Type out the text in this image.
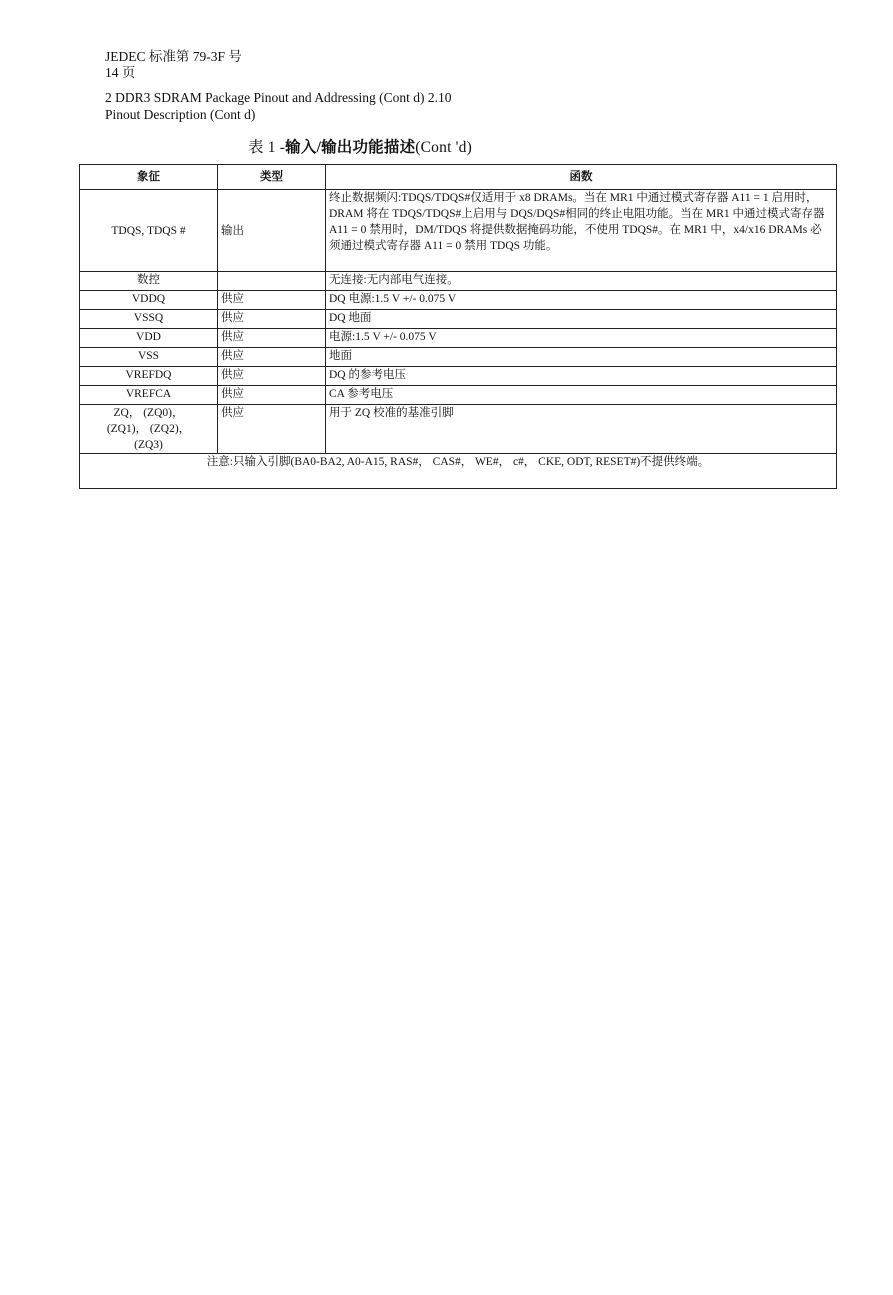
JEDEC 标准第 79-3F 号
14 页
2 DDR3 SDRAM Package Pinout and Addressing (Cont d) 2.10
Pinout Description (Cont d)
表 1 -输入/输出功能描述(Cont 'd)
象征	类型	函数
TDQS, TDQS #	输出	终止数据频闪:TDQS/TDQS#仅适用于 x8 DRAMs。当在 MR1 中通过模式寄存器 A11 = 1 启用时，DRAM 将在 TDQS/TDQS#上启用与 DQS/DQS#相同的终止电阻功能。当在 MR1 中通过模式寄存器 A11 = 0 禁用时，DM/TDQS 将提供数据掩码功能，不使用 TDQS#。在 MR1 中，x4/x16 DRAMs 必须通过模式寄存器 A11 = 0 禁用 TDQS 功能。
数控		无连接:无内部电气连接。
VDDQ	供应	DQ 电源:1.5 V +/- 0.075 V
VSSQ	供应	DQ 地面
VDD	供应	电源:1.5 V +/- 0.075 V
VSS	供应	地面
VREFDQ	供应	DQ 的参考电压
VREFCA	供应	CA 参考电压

ZQ， (ZQ0)，
(ZQ1)， (ZQ2)，
(ZQ3)	供应	用于 ZQ 校准的基准引脚
注意:只输入引脚(BA0-BA2, A0-A15, RAS#， CAS#， WE#， c#， CKE, ODT, RESET#)不提供终端。		
